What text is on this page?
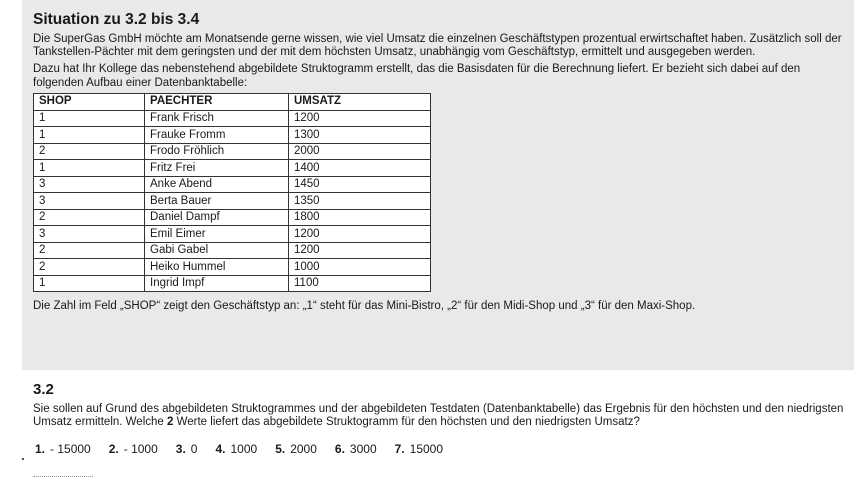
Situation zu 3.2 bis 3.4

Die SuperGas GmbH möchte am Monatsende gerne wissen, wie viel Umsatz die einzelnen Geschäftstypen prozentual erwirtschaftet haben. Zusätzlich soll der Tankstellen-Pächter mit dem geringsten und der mit dem höchsten Umsatz, unabhängig vom Geschäftstyp, ermittelt und ausgegeben werden.

Dazu hat Ihr Kollege das nebenstehend abgebildete Struktogramm erstellt, das die Basisdaten für die Berechnung liefert. Er bezieht sich dabei auf den folgenden Aufbau einer Datenbanktabelle:

SHOP	PAECHTER	UMSATZ
1	Frank Frisch	1200
1	Frauke Fromm	1300
2	Frodo Fröhlich	2000
1	Fritz Frei	1400
3	Anke Abend	1450
3	Berta Bauer	1350
2	Daniel Dampf	1800
3	Emil Eimer	1200
2	Gabi Gabel	1200
2	Heiko Hummel	1000
1	Ingrid Impf	1100

Die Zahl im Feld „SHOP“ zeigt den Geschäftstyp an: „1“ steht für das Mini-Bistro, „2“ für den Midi-Shop und „3“ für den Maxi-Shop.

3.2

Sie sollen auf Grund des abgebildeten Struktogrammes und der abgebildeten Testdaten (Datenbanktabelle) das Ergebnis für den höchsten und den niedrigsten Umsatz ermitteln. Welche 2 Werte liefert das abgebildete Struktogramm für den höchsten und den niedrigsten Umsatz?

1. - 15000 2. - 1000 3. 0 4. 1000 5. 2000 6. 3000 7. 15000
